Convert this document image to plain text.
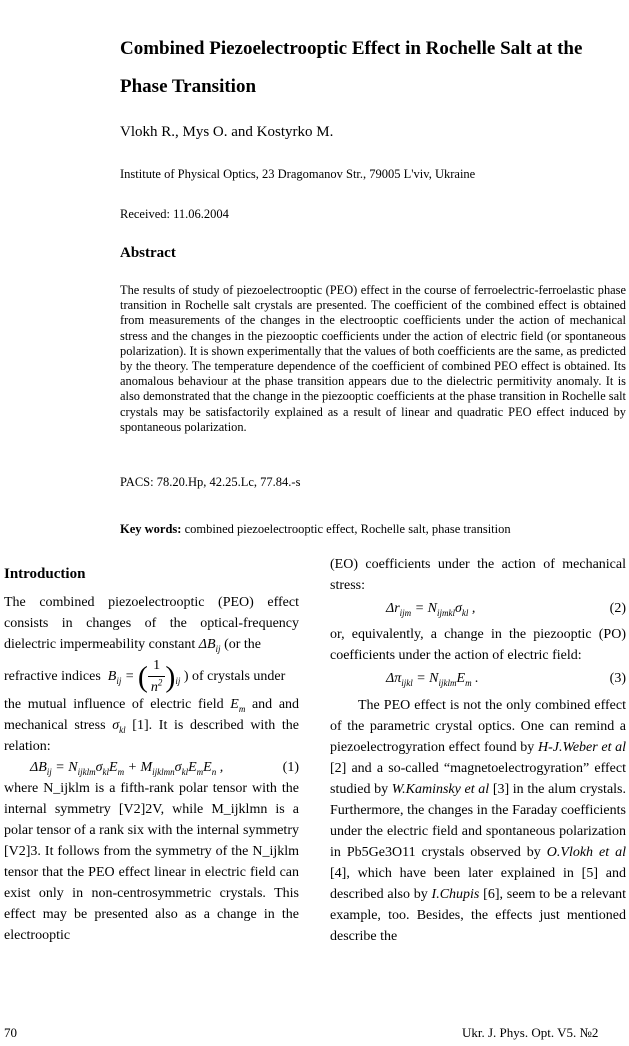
Combined Piezoelectrooptic Effect in Rochelle Salt at the Phase Transition
Vlokh R., Mys O. and Kostyrko M.
Institute of Physical Optics, 23 Dragomanov Str., 79005 L'viv, Ukraine
Received: 11.06.2004
Abstract
The results of study of piezoelectrooptic (PEO) effect in the course of ferroelectric-ferroelastic phase transition in Rochelle salt crystals are presented. The coefficient of the combined effect is obtained from measurements of the changes in the electrooptic coefficients under the action of mechanical stress and the changes in the piezooptic coefficients under the action of electric field (or spontaneous polarization). It is shown experimentally that the values of both coefficients are the same, as predicted by the theory. The temperature dependence of the coefficient of combined PEO effect is obtained. Its anomalous behaviour at the phase transition appears due to the dielectric permitivity anomaly. It is also demonstrated that the change in the piezooptic coefficients at the phase transition in Rochelle salt crystals may be satisfactorily explained as a result of linear and quadratic PEO effect induced by spontaneous polarization.
PACS: 78.20.Hp, 42.25.Lc, 77.84.-s
Key words: combined piezoelectrooptic effect, Rochelle salt, phase transition
Introduction
The combined piezoelectrooptic (PEO) effect consists in changes of the optical-frequency dielectric impermeability constant $\Delta B_{ij}$ (or the
refractive indices  $B_{ij}$ = ( $\frac{1}{n^2} )_{ij}$ ) of crystals under
the mutual influence of electric field $E_m$ and and mechanical stress $\sigma_{kl}$ [1]. It is described with the relation:
$\Delta B_{ij} = N_{ijklm}\sigma_{kl}E_m + M_{ijklmn}\sigma_{kl}E_mE_n$ ,	(1)
where N_ijklm is a fifth-rank polar tensor with the internal symmetry [V2]2V, while M_ijklmn is a polar tensor of a rank six with the internal symmetry [V2]3. It follows from the symmetry of the N_ijklm tensor that the PEO effect linear in electric field can exist only in non-centrosymmetric crystals. This effect may be presented also as a change in the electrooptic
(EO) coefficients under the action of mechanical stress:
$\Delta r_{ijm} = N_{ijmkl}\sigma_{kl}$ ,	(2)
or, equivalently, a change in the piezooptic (PO) coefficients under the action of electric field:
$\Delta\pi_{ijkl} = N_{ijklm}E_m$ .	(3)
The PEO effect is not the only combined effect of the parametric crystal optics. One can remind a piezoelectrogyration effect found by H-J.Weber et al [2] and a so-called “magnetoelectrogyration” effect studied by W.Kaminsky et al [3] in the alum crystals. Furthermore, the changes in the Faraday coefficients under the electric field and spontaneous polarization in Pb5Ge3O11 crystals observed by O.Vlokh et al [4], which have been later explained in [5] and described also by I.Chupis [6], seem to be a relevant example, too. Besides, the effects just mentioned describe the
70	Ukr. J. Phys. Opt. V5. №2
